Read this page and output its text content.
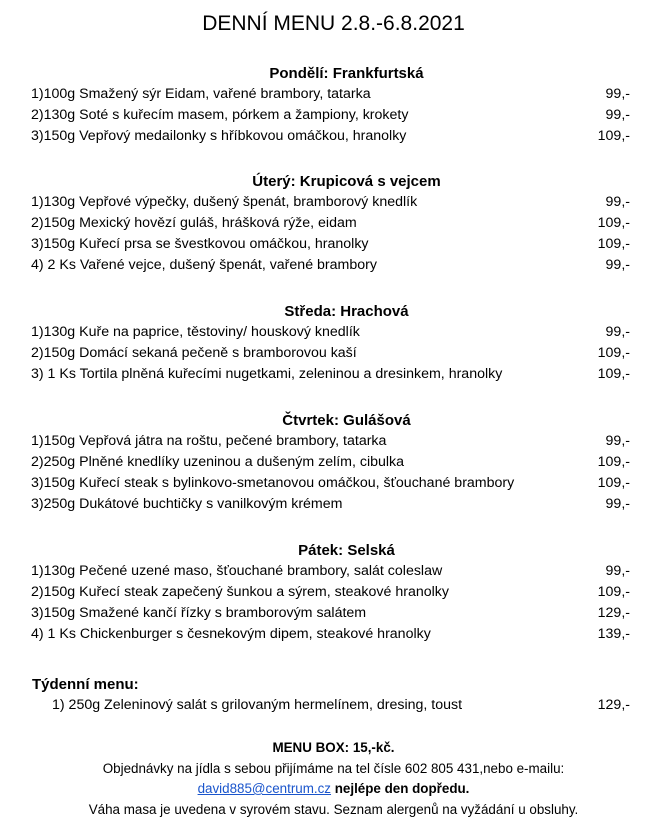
DENNÍ MENU 2.8.-6.8.2021
Pondělí: Frankfurtská
1)100g Smažený sýr Eidam, vařené brambory, tatarka	99,-
2)130g Soté s kuřecím masem, pórkem a žampiony, krokety	99,-
3)150g Vepřový medailonky s hříbkovou omáčkou, hranolky	109,-
Úterý: Krupicová s vejcem
1)130g Vepřové výpečky, dušený špenát, bramborový knedlík	99,-
2)150g Mexický hovězí guláš, hrášková rýže, eidam	109,-
3)150g Kuřecí prsa se švestkovou omáčkou, hranolky	109,-
4) 2 Ks Vařené vejce, dušený špenát, vařené brambory	99,-
Středa: Hrachová
1)130g Kuře na paprice, těstoviny/ houskový knedlík	99,-
2)150g Domácí sekaná pečeně s bramborovou kaší	109,-
3) 1 Ks Tortila plněná kuřecími nugetkami, zeleninou a dresinkem, hranolky	109,-
Čtvrtek: Gulášová
1)150g Vepřová játra na roštu, pečené brambory, tatarka	99,-
2)250g Plněné knedlíky uzeninou a dušeným zelím, cibulka	109,-
3)150g Kuřecí steak s bylinkovo-smetanovou omáčkou, šťouchané brambory	109,-
3)250g Dukátové buchtičky s vanilkovým krémem	99,-
Pátek: Selská
1)130g Pečené uzené maso, šťouchané brambory, salát coleslaw	99,-
2)150g Kuřecí steak zapečený šunkou a sýrem, steakové hranolky	109,-
3)150g Smažené kančí řízky s bramborovým salátem	129,-
4) 1 Ks Chickenburger s česnekovým dipem, steakové hranolky	139,-
Týdenní menu:
1) 250g Zeleninový salát s grilovaným hermelínem, dresing, toust	129,-
MENU BOX: 15,-kč.
Objednávky na jídla s sebou přijímáme na tel čísle 602 805 431,nebo e-mailu:
david885@centrum.cz nejlépe den dopředu.
Váha masa je uvedena v syrovém stavu. Seznam alergenů na vyžádání u obsluhy.
